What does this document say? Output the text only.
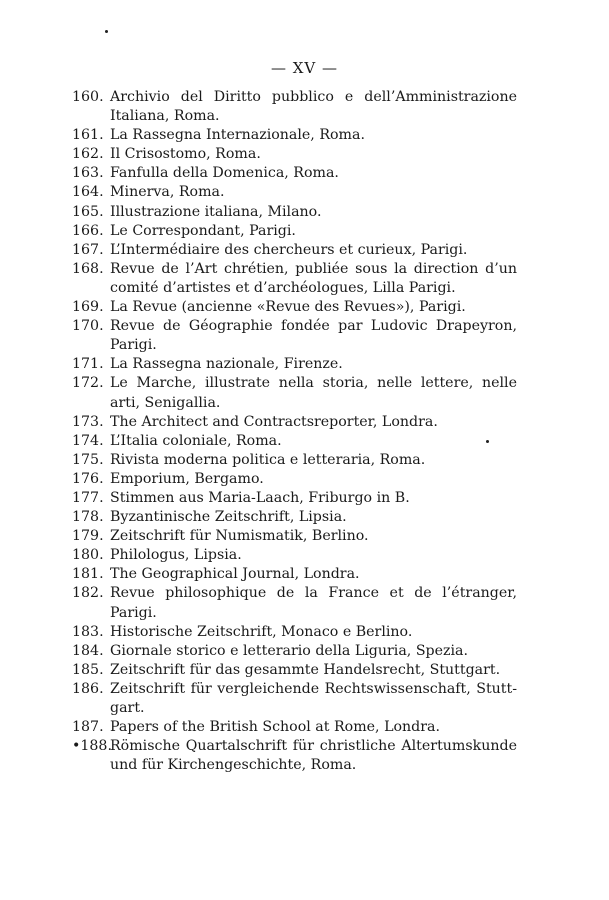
— XV —
160. Archivio del Diritto pubblico e dell’Amministrazione
Italiana, Roma.
161. La Rassegna Internazionale, Roma.
162. Il Crisostomo, Roma.
163. Fanfulla della Domenica, Roma.
164. Minerva, Roma.
165. Illustrazione italiana, Milano.
166. Le Correspondant, Parigi.
167. L’Intermédiaire des chercheurs et curieux, Parigi.
168. Revue de l’Art chrétien, publiée sous la direction d’un
comité d’artistes et d’archéologues, Lilla Parigi.
169. La Revue (ancienne «Revue des Revues»), Parigi.
170. Revue de Géographie fondée par Ludovic Drapeyron,
Parigi.
171. La Rassegna nazionale, Firenze.
172. Le Marche, illustrate nella storia, nelle lettere, nelle
arti, Senigallia.
173. The Architect and Contractsreporter, Londra.
174. L’Italia coloniale, Roma.
175. Rivista moderna politica e letteraria, Roma.
176. Emporium, Bergamo.
177. Stimmen aus Maria-Laach, Friburgo in B.
178. Byzantinische Zeitschrift, Lipsia.
179. Zeitschrift für Numismatik, Berlino.
180. Philologus, Lipsia.
181. The Geographical Journal, Londra.
182. Revue philosophique de la France et de l’étranger,
Parigi.
183. Historische Zeitschrift, Monaco e Berlino.
184. Giornale storico e letterario della Liguria, Spezia.
185. Zeitschrift für das gesammte Handelsrecht, Stuttgart.
186. Zeitschrift für vergleichende Rechtswissenschaft, Stutt-
gart.
187. Papers of the British School at Rome, Londra.
•188.
Römische Quartalschrift für christliche Altertumskunde
und für Kirchengeschichte, Roma.
